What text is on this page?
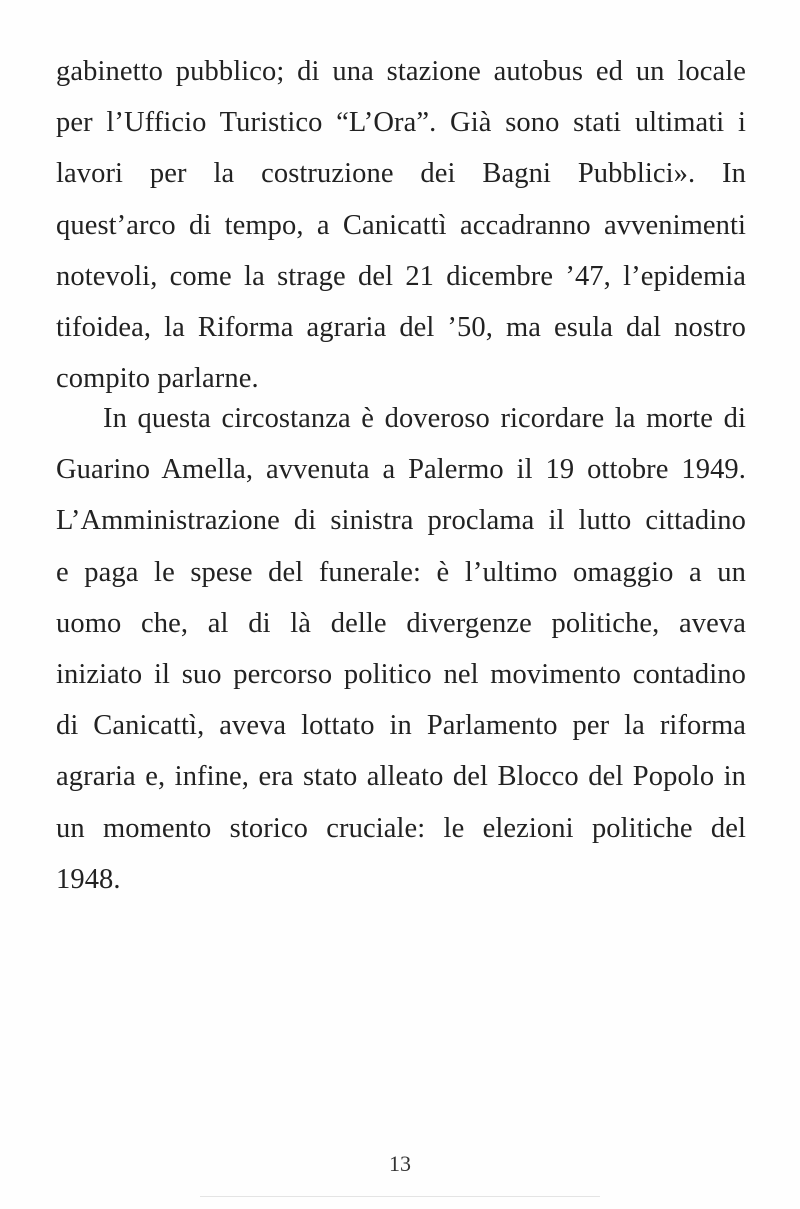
gabinetto pubblico; di una stazione autobus ed un locale
per l’Ufficio Turistico “L’Ora”. Già sono stati ultimati i
lavori per la costruzione dei Bagni Pubblici». In
quest’arco di tempo, a Canicattì accadranno avvenimenti
notevoli, come la strage del 21 dicembre ’47, l’epidemia
tifoidea, la Riforma agraria del ’50, ma esula dal nostro
compito parlarne.
In questa circostanza è doveroso ricordare la morte di
Guarino Amella, avvenuta a Palermo il 19 ottobre 1949.
L’Amministrazione di sinistra proclama il lutto cittadino
e paga le spese del funerale: è l’ultimo omaggio a un
uomo che, al di là delle divergenze politiche, aveva
iniziato il suo percorso politico nel movimento contadino
di Canicattì, aveva lottato in Parlamento per la riforma
agraria e, infine, era stato alleato del Blocco del Popolo in
un momento storico cruciale: le elezioni politiche del
1948.
13
